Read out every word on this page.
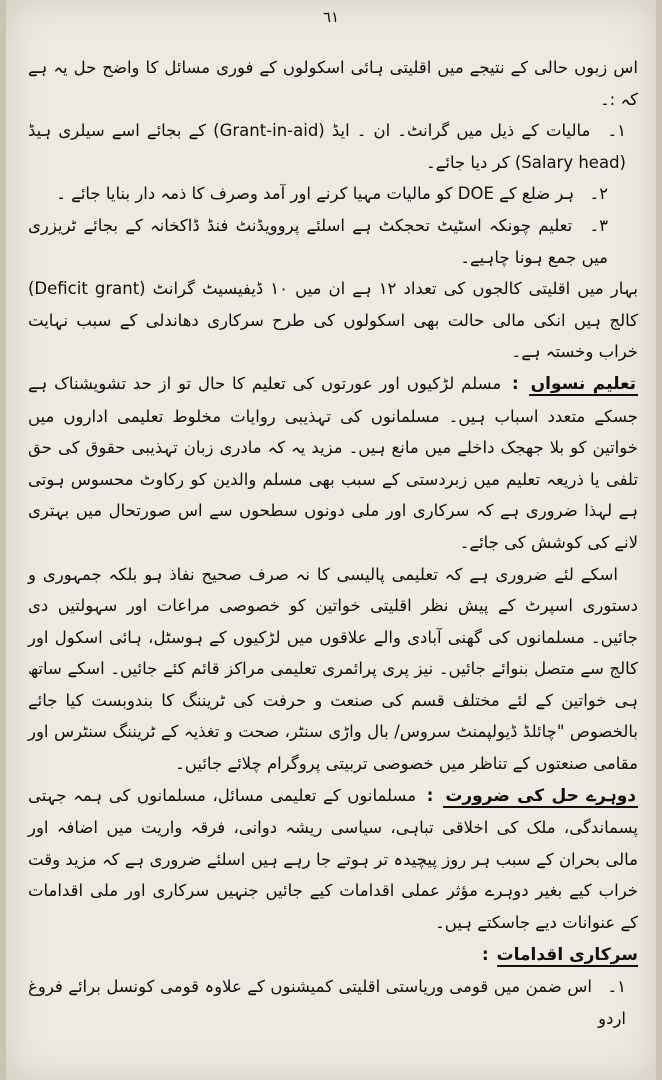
٦١

اس زبوں حالی کے نتیجے میں اقلیتی ہائی اسکولوں کے فوری مسائل کا واضح حل یہ ہے کہ :۔

۱۔ مالیات کے ذیل میں گرانٹ۔ ان ۔ ایڈ (Grant-in-aid) کے بجائے اسے سیلری ہیڈ (Salary head) کر دیا جائے۔

۲۔ ہر ضلع کے DOE کو مالیات مہیا کرنے اور آمد وصرف کا ذمہ دار بنایا جائے ۔

۳۔ تعلیم چونکہ اسٹیٹ تحجکٹ ہے اسلئے پروویڈنٹ فنڈ ڈاکخانہ کے بجائے ٹریزری میں جمع ہونا چاہیے۔

بہار میں اقلیتی کالجوں کی تعداد ۱۲ ہے ان میں ۱۰ ڈیفیسیٹ گرانٹ (Deficit grant) کالج ہیں انکی مالی حالت بھی اسکولوں کی طرح سرکاری دھاندلی کے سبب نہایت خراب وخستہ ہے۔

تعلیم نسواں: مسلم لڑکیوں اور عورتوں کی تعلیم کا حال تو از حد تشویشناک ہے جسکے متعدد اسباب ہیں۔ مسلمانوں کی تہذیبی روایات مخلوط تعلیمی اداروں میں خواتین کو بلا جھجک داخلے میں مانع ہیں۔ مزید یہ کہ مادری زبان تہذیبی حقوق کی حق تلفی یا ذریعہ تعلیم میں زبردستی کے سبب بھی مسلم والدین کو رکاوٹ محسوس ہوتی ہے لہذا ضروری ہے کہ سرکاری اور ملی دونوں سطحوں سے اس صورتحال میں بہتری لانے کی کوشش کی جائے۔

اسکے لئے ضروری ہے کہ تعلیمی پالیسی کا نہ صرف صحیح نفاذ ہو بلکہ جمہوری و دستوری اسپرٹ کے پیش نظر اقلیتی خواتین کو خصوصی مراعات اور سہولتیں دی جائیں۔ مسلمانوں کی گھنی آبادی والے علاقوں میں لڑکیوں کے ہوسٹل، ہائی اسکول اور کالج سے متصل بنوائے جائیں۔ نیز پری پرائمری تعلیمی مراکز قائم کئے جائیں۔ اسکے ساتھ ہی خواتین کے لئے مختلف قسم کی صنعت و حرفت کی ٹریننگ کا بندوبست کیا جائے بالخصوص "چائلڈ ڈیولپمنٹ سروس/ بال واڑی سنٹر، صحت و تغذیہ کے ٹریننگ سنٹرس اور مقامی صنعتوں کے تناظر میں خصوصی تربیتی پروگرام چلائے جائیں۔

دوہرے حل کی ضرورت: مسلمانوں کے تعلیمی مسائل، مسلمانوں کی ہمہ جہتی پسماندگی، ملک کی اخلاقی تباہی، سیاسی ریشہ دوانی، فرقہ واریت میں اضافہ اور مالی بحران کے سبب ہر روز پیچیدہ تر ہوتے جا رہے ہیں اسلئے ضروری ہے کہ مزید وقت خراب کیے بغیر دوہرے مؤثر عملی اقدامات کیے جائیں جنہیں سرکاری اور ملی اقدامات کے عنوانات دیے جاسکتے ہیں۔

سرکاری اقدامات:

۱۔ اس ضمن میں قومی وریاستی اقلیتی کمیشنوں کے علاوہ قومی کونسل برائے فروغ اردو
